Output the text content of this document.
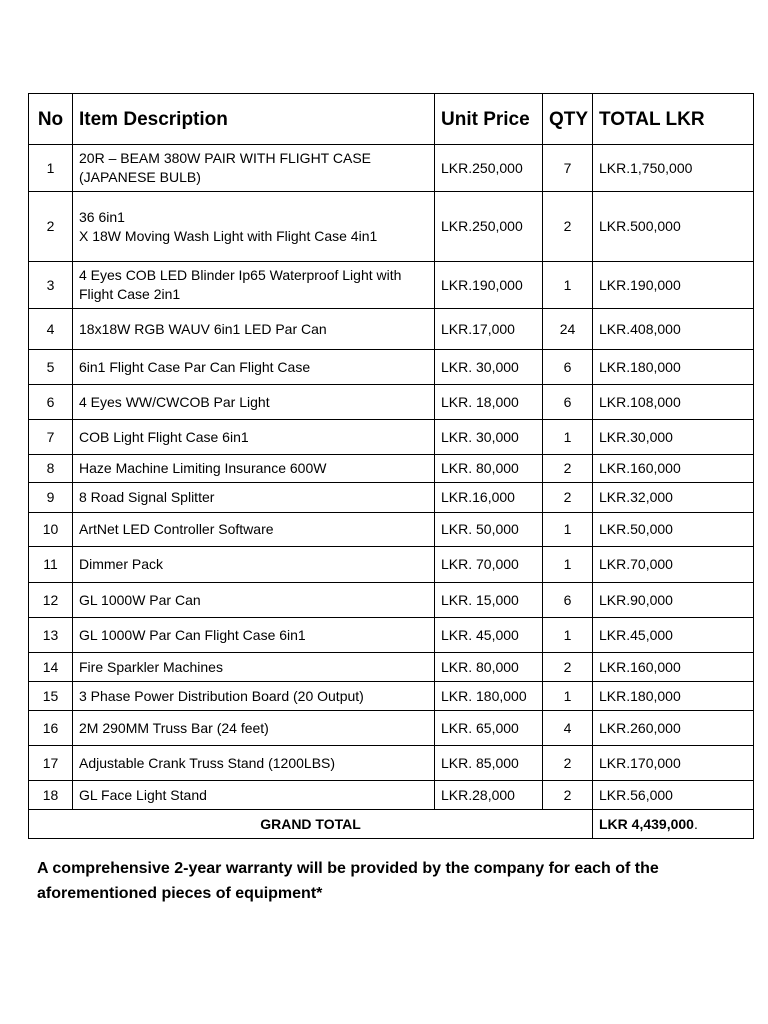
No	Item Description	Unit Price	QTY	TOTAL LKR
1	20R – BEAM 380W PAIR WITH FLIGHT CASE (JAPANESE BULB)	LKR.250,000	7	LKR.1,750,000
2	36 6in1
X 18W Moving Wash Light with Flight Case 4in1	LKR.250,000	2	LKR.500,000
3	4 Eyes COB LED Blinder Ip65 Waterproof Light with Flight Case 2in1	LKR.190,000	1	LKR.190,000
4	18x18W RGB WAUV 6in1 LED Par Can	LKR.17,000	24	LKR.408,000
5	6in1 Flight Case Par Can Flight Case	LKR. 30,000	6	LKR.180,000
6	4 Eyes WW/CWCOB Par Light	LKR. 18,000	6	LKR.108,000
7	COB Light Flight Case 6in1	LKR. 30,000	1	LKR.30,000
8	Haze Machine Limiting Insurance 600W	LKR. 80,000	2	LKR.160,000
9	8 Road Signal Splitter	LKR.16,000	2	LKR.32,000
10	ArtNet LED Controller Software	LKR. 50,000	1	LKR.50,000
11	Dimmer Pack	LKR. 70,000	1	LKR.70,000
12	GL 1000W Par Can	LKR. 15,000	6	LKR.90,000
13	GL 1000W Par Can Flight Case 6in1	LKR. 45,000	1	LKR.45,000
14	Fire Sparkler Machines	LKR. 80,000	2	LKR.160,000
15	3 Phase Power Distribution Board (20 Output)	LKR. 180,000	1	LKR.180,000
16	2M 290MM Truss Bar (24 feet)	LKR. 65,000	4	LKR.260,000
17	Adjustable Crank Truss Stand (1200LBS)	LKR. 85,000	2	LKR.170,000
18	GL Face Light Stand	LKR.28,000	2	LKR.56,000
GRAND TOTAL				LKR 4,439,000.

A comprehensive 2-year warranty will be provided by the company for each of the aforementioned pieces of equipment*
